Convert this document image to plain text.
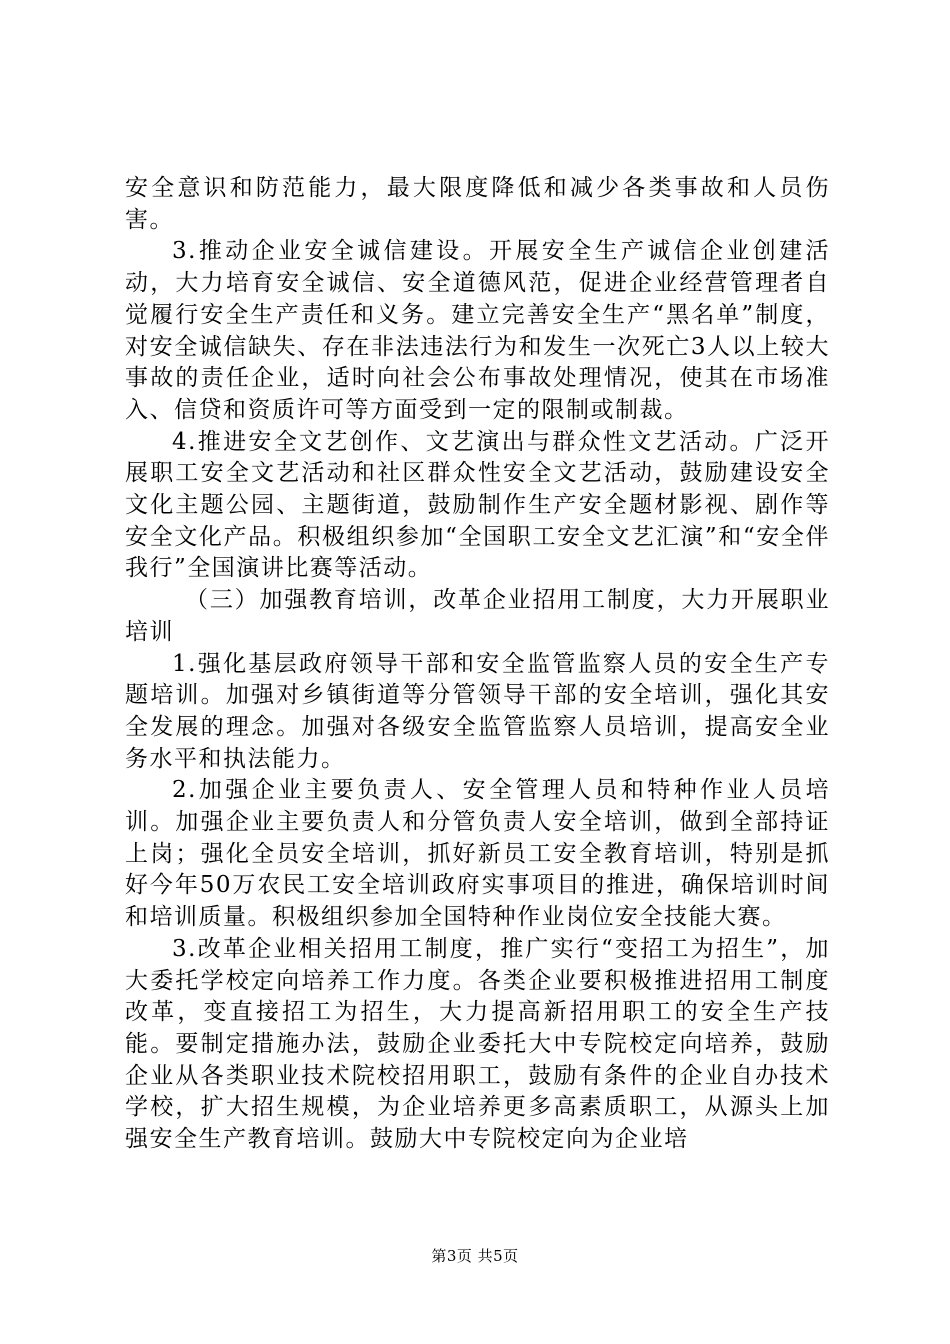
安全意识和防范能力，最大限度降低和减少各类事故和人员伤害。

3.推动企业安全诚信建设。开展安全生产诚信企业创建活动，大力培育安全诚信、安全道德风范，促进企业经营管理者自觉履行安全生产责任和义务。建立完善安全生产“黑名单”制度，对安全诚信缺失、存在非法违法行为和发生一次死亡3人以上较大事故的责任企业，适时向社会公布事故处理情况，使其在市场准入、信贷和资质许可等方面受到一定的限制或制裁。

4.推进安全文艺创作、文艺演出与群众性文艺活动。广泛开展职工安全文艺活动和社区群众性安全文艺活动，鼓励建设安全文化主题公园、主题街道，鼓励制作生产安全题材影视、剧作等安全文化产品。积极组织参加“全国职工安全文艺汇演”和“安全伴我行”全国演讲比赛等活动。

（三）加强教育培训，改革企业招用工制度，大力开展职业培训

1.强化基层政府领导干部和安全监管监察人员的安全生产专题培训。加强对乡镇街道等分管领导干部的安全培训，强化其安全发展的理念。加强对各级安全监管监察人员培训，提高安全业务水平和执法能力。

2.加强企业主要负责人、安全管理人员和特种作业人员培训。加强企业主要负责人和分管负责人安全培训，做到全部持证上岗；强化全员安全培训，抓好新员工安全教育培训，特别是抓好今年50万农民工安全培训政府实事项目的推进，确保培训时间和培训质量。积极组织参加全国特种作业岗位安全技能大赛。

3.改革企业相关招用工制度，推广实行“变招工为招生”，加大委托学校定向培养工作力度。各类企业要积极推进招用工制度改革，变直接招工为招生，大力提高新招用职工的安全生产技能。要制定措施办法，鼓励企业委托大中专院校定向培养，鼓励企业从各类职业技术院校招用职工，鼓励有条件的企业自办技术学校，扩大招生规模，为企业培养更多高素质职工，从源头上加强安全生产教育培训。鼓励大中专院校定向为企业培

第3页 共5页
